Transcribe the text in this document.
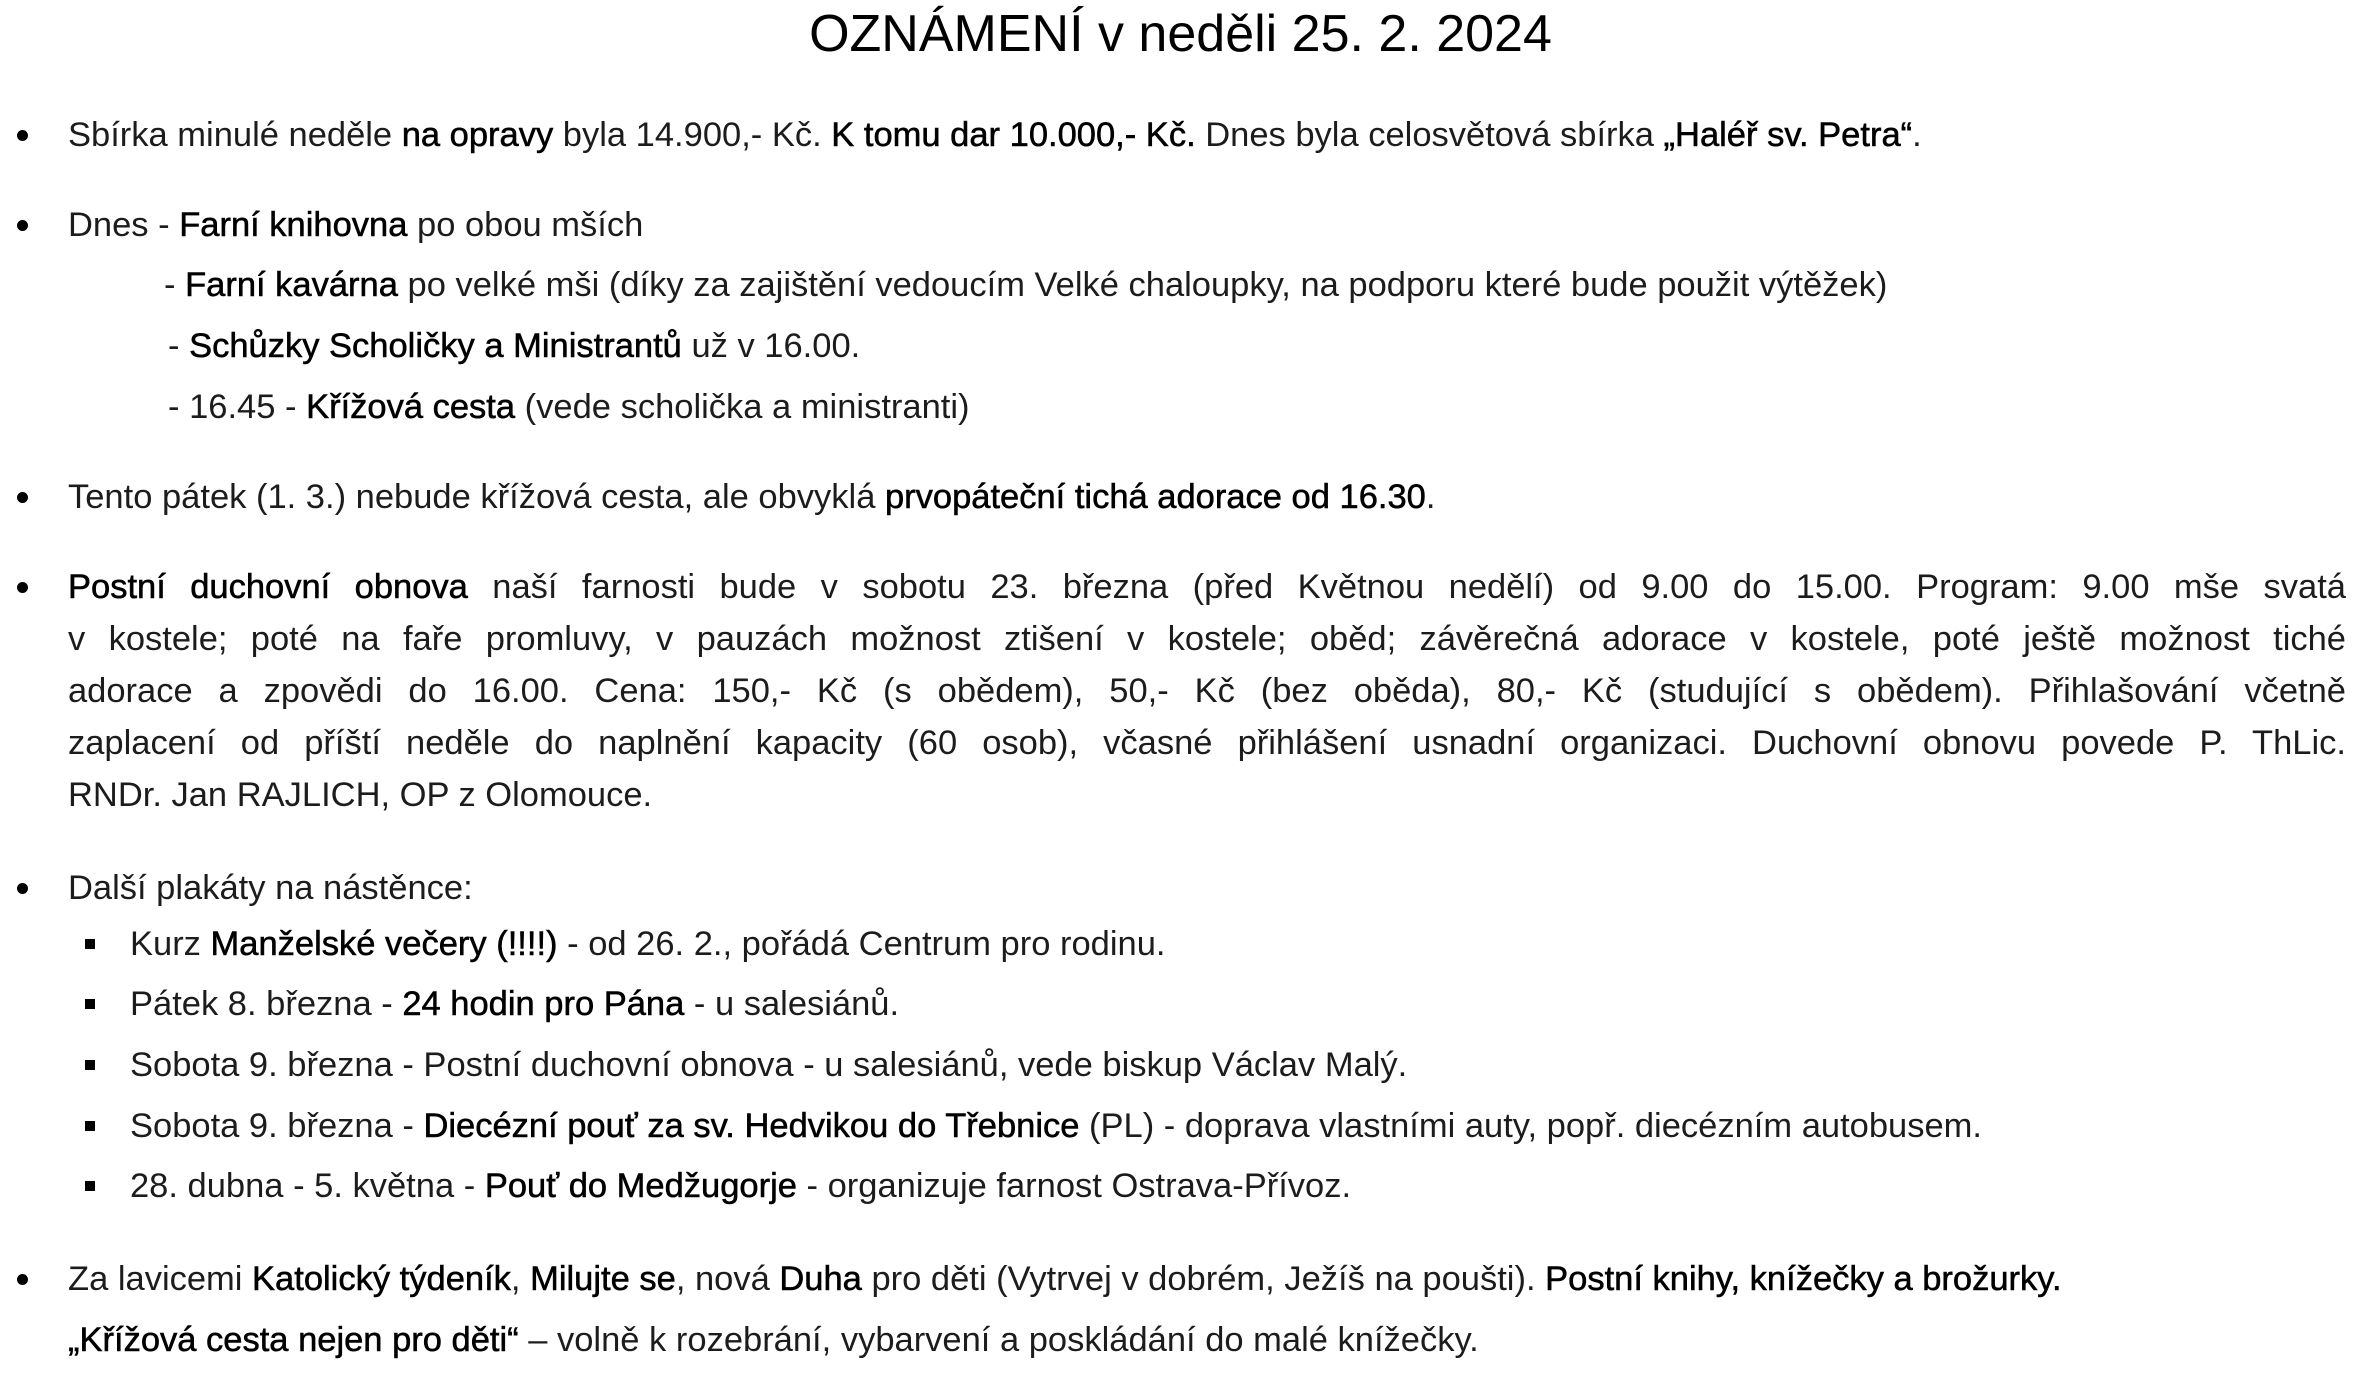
OZNÁMENÍ v neděli 25. 2. 2024
Sbírka minulé neděle na opravy byla 14.900,- Kč. K tomu dar 10.000,- Kč. Dnes byla celosvětová sbírka „Haléř sv. Petra“.
Dnes - Farní knihovna po obou mších
- Farní kavárna po velké mši (díky za zajištění vedoucím Velké chaloupky, na podporu které bude použit výtěžek)
- Schůzky Scholičky a Ministrantů už v 16.00.
- 16.45 - Křížová cesta (vede scholička a ministranti)
Tento pátek (1. 3.) nebude křížová cesta, ale obvyklá prvopáteční tichá adorace od 16.30.
Postní duchovní obnova naší farnosti bude v sobotu 23. března (před Květnou nedělí) od 9.00 do 15.00. Program: 9.00 mše svatá
v kostele; poté na faře promluvy, v pauzách možnost ztišení v kostele; oběd; závěrečná adorace v kostele, poté ještě možnost tiché
adorace a zpovědi do 16.00. Cena: 150,- Kč (s obědem), 50,- Kč (bez oběda), 80,- Kč (studující s obědem). Přihlašování včetně
zaplacení od příští neděle do naplnění kapacity (60 osob), včasné přihlášení usnadní organizaci. Duchovní obnovu povede P. ThLic.
RNDr. Jan RAJLICH, OP z Olomouce.
Další plakáty na nástěnce:
Kurz Manželské večery (!!!!) - od 26. 2., pořádá Centrum pro rodinu.
Pátek 8. března - 24 hodin pro Pána - u salesiánů.
Sobota 9. března - Postní duchovní obnova - u salesiánů, vede biskup Václav Malý.
Sobota 9. března - Diecézní pouť za sv. Hedvikou do Třebnice (PL) - doprava vlastními auty, popř. diecézním autobusem.
28. dubna - 5. května - Pouť do Medžugorje - organizuje farnost Ostrava-Přívoz.
Za lavicemi Katolický týdeník, Milujte se, nová Duha pro děti (Vytrvej v dobrém, Ježíš na poušti). Postní knihy, knížečky a brožurky.
„Křížová cesta nejen pro děti“ – volně k rozebrání, vybarvení a poskládání do malé knížečky.
